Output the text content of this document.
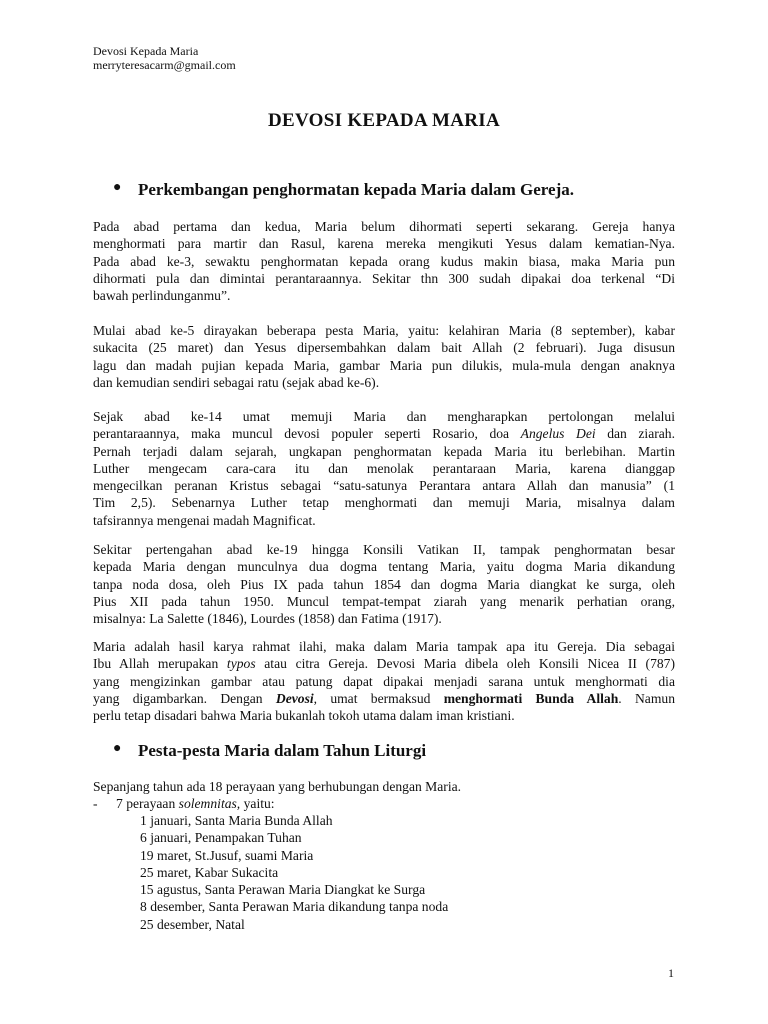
Devosi Kepada Maria
merryteresacarm@gmail.com
DEVOSI KEPADA MARIA
● Perkembangan penghormatan kepada Maria dalam Gereja.
Pada abad pertama dan kedua, Maria belum dihormati seperti sekarang. Gereja hanya
menghormati para martir dan Rasul, karena mereka mengikuti Yesus dalam kematian-Nya.
Pada abad ke-3, sewaktu penghormatan kepada orang kudus makin biasa, maka Maria pun
dihormati pula dan dimintai perantaraannya. Sekitar thn 300 sudah dipakai doa terkenal “Di
bawah perlindunganmu”.
Mulai abad ke-5 dirayakan beberapa pesta Maria, yaitu: kelahiran Maria (8 september), kabar
sukacita (25 maret) dan Yesus dipersembahkan dalam bait Allah (2 februari). Juga disusun
lagu dan madah pujian kepada Maria, gambar Maria pun dilukis, mula-mula dengan anaknya
dan kemudian sendiri sebagai ratu (sejak abad ke-6).
Sejak abad ke-14 umat memuji Maria dan mengharapkan pertolongan melalui
perantaraannya, maka muncul devosi populer seperti Rosario, doa Angelus Dei dan ziarah.
Pernah terjadi dalam sejarah, ungkapan penghormatan kepada Maria itu berlebihan. Martin
Luther mengecam cara-cara itu dan menolak perantaraan Maria, karena dianggap
mengecilkan peranan Kristus sebagai “satu-satunya Perantara antara Allah dan manusia” (1
Tim 2,5). Sebenarnya Luther tetap menghormati dan memuji Maria, misalnya dalam
tafsirannya mengenai madah Magnificat.
Sekitar pertengahan abad ke-19 hingga Konsili Vatikan II, tampak penghormatan besar
kepada Maria dengan munculnya dua dogma tentang Maria, yaitu dogma Maria dikandung
tanpa noda dosa, oleh Pius IX pada tahun 1854 dan dogma Maria diangkat ke surga, oleh
Pius XII pada tahun 1950. Muncul tempat-tempat ziarah yang menarik perhatian orang,
misalnya: La Salette (1846), Lourdes (1858) dan Fatima (1917).
Maria adalah hasil karya rahmat ilahi, maka dalam Maria tampak apa itu Gereja. Dia sebagai
Ibu Allah merupakan typos atau citra Gereja. Devosi Maria dibela oleh Konsili Nicea II (787)
yang mengizinkan gambar atau patung dapat dipakai menjadi sarana untuk menghormati dia
yang digambarkan. Dengan Devosi, umat bermaksud menghormati Bunda Allah. Namun
perlu tetap disadari bahwa Maria bukanlah tokoh utama dalam iman kristiani.
● Pesta-pesta Maria dalam Tahun Liturgi
Sepanjang tahun ada 18 perayaan yang berhubungan dengan Maria.
- 7 perayaan solemnitas, yaitu:
1 januari, Santa Maria Bunda Allah
6 januari, Penampakan Tuhan
19 maret, St.Jusuf, suami Maria
25 maret, Kabar Sukacita
15 agustus, Santa Perawan Maria Diangkat ke Surga
8 desember, Santa Perawan Maria dikandung tanpa noda
25 desember, Natal
1
